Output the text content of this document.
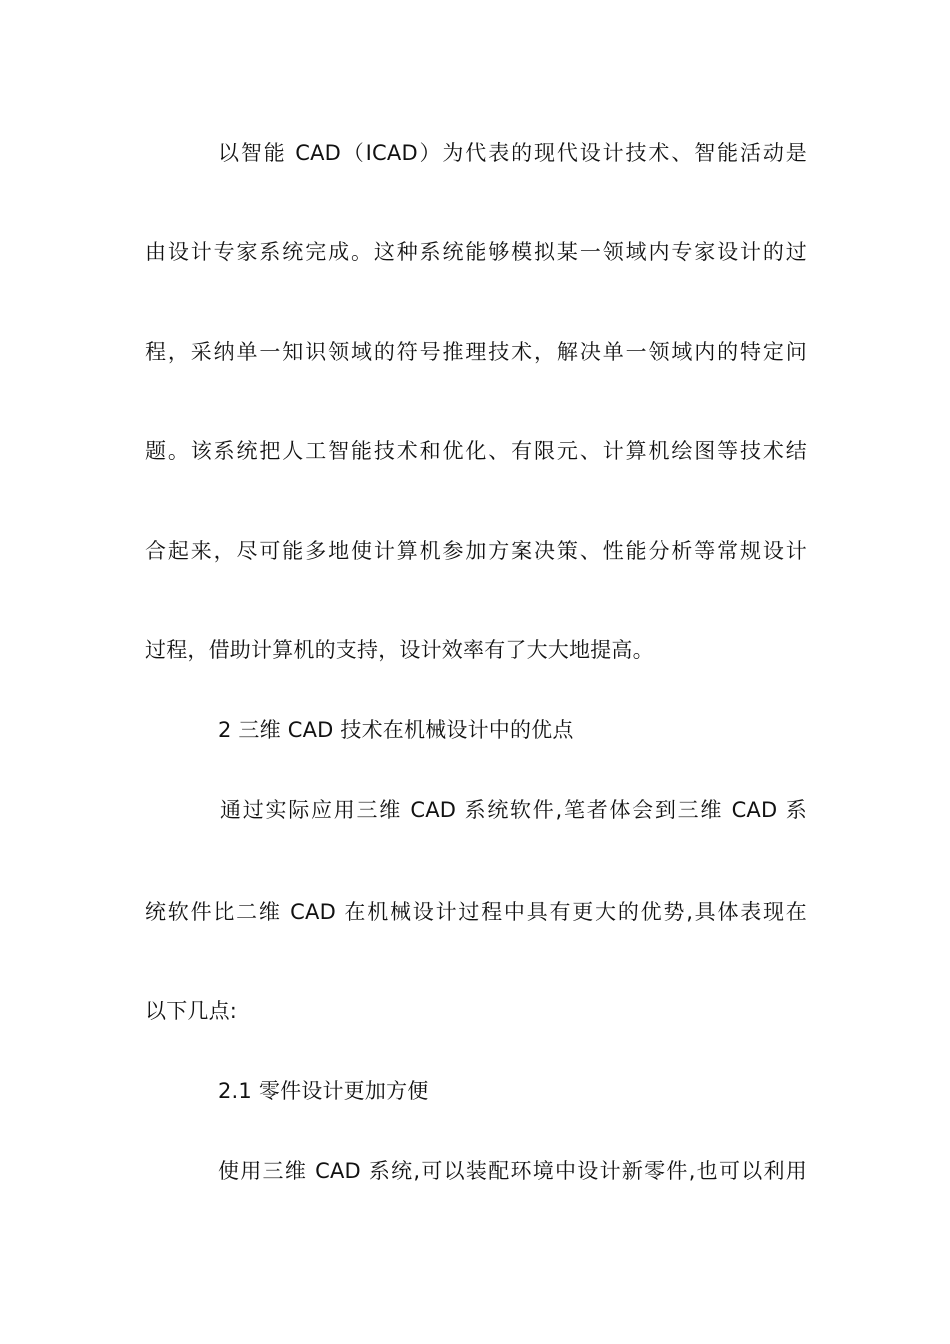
以智能 CAD（ICAD）为代表的现代设计技术、智能活动是
由设计专家系统完成。这种系统能够模拟某一领域内专家设计的过
程，采纳单一知识领域的符号推理技术，解决单一领域内的特定问
题。该系统把人工智能技术和优化、有限元、计算机绘图等技术结
合起来，尽可能多地使计算机参加方案决策、性能分析等常规设计
过程，借助计算机的支持，设计效率有了大大地提高。
2 三维 CAD 技术在机械设计中的优点
通过实际应用三维 CAD 系统软件,笔者体会到三维 CAD 系
统软件比二维 CAD 在机械设计过程中具有更大的优势,具体表现在
以下几点:
2.1 零件设计更加方便
使用三维 CAD 系统,可以装配环境中设计新零件,也可以利用
